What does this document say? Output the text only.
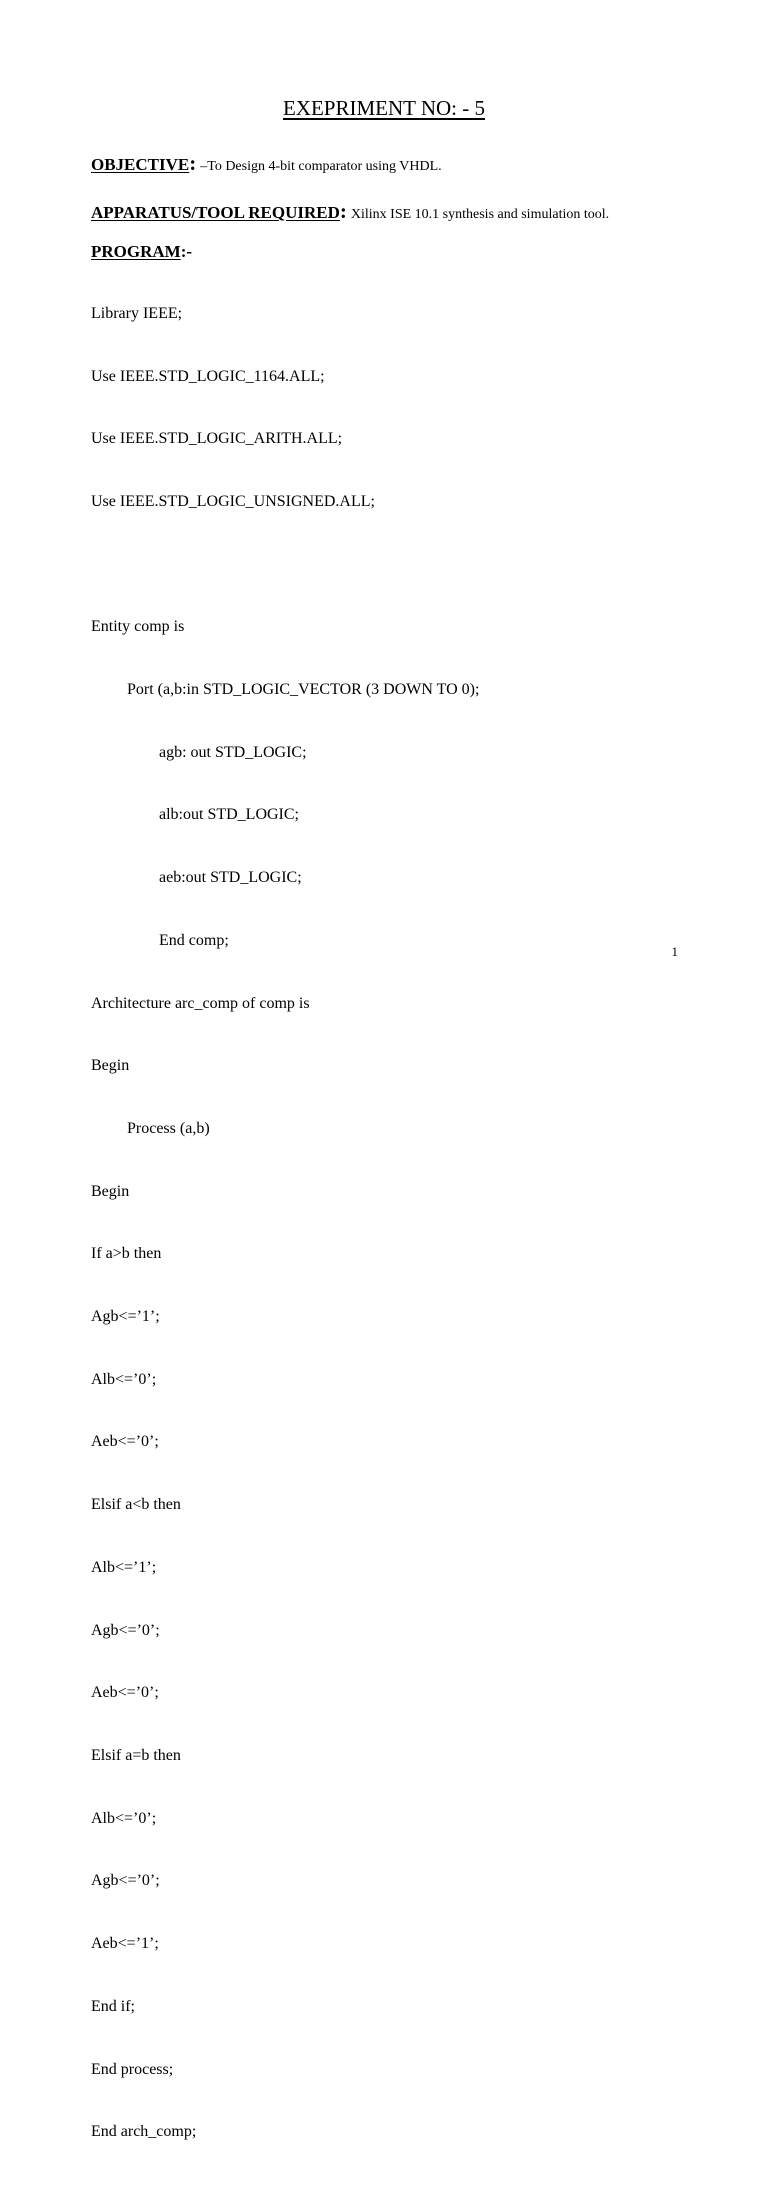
EXEPRIMENT NO: - 5
OBJECTIVE: –To Design 4-bit comparator using VHDL.
APPARATUS/TOOL REQUIRED: Xilinx ISE 10.1 synthesis and simulation tool.
PROGRAM:-

Library IEEE;

Use IEEE.STD_LOGIC_1164.ALL;

Use IEEE.STD_LOGIC_ARITH.ALL;

Use IEEE.STD_LOGIC_UNSIGNED.ALL;

Entity comp is

Port (a,b:in STD_LOGIC_VECTOR (3 DOWN TO 0);

agb: out STD_LOGIC;

alb:out STD_LOGIC;

aeb:out STD_LOGIC;

End comp;

Architecture arc_comp of comp is

Begin

Process (a,b)

Begin

If a>b then

Agb<=’1’;

Alb<=’0’;

Aeb<=’0’;

Elsif a<b then

Alb<=’1’;

Agb<=’0’;

Aeb<=’0’;

Elsif a=b then

Alb<=’0’;

Agb<=’0’;

Aeb<=’1’;

End if;

End process;

End arch_comp;

1
